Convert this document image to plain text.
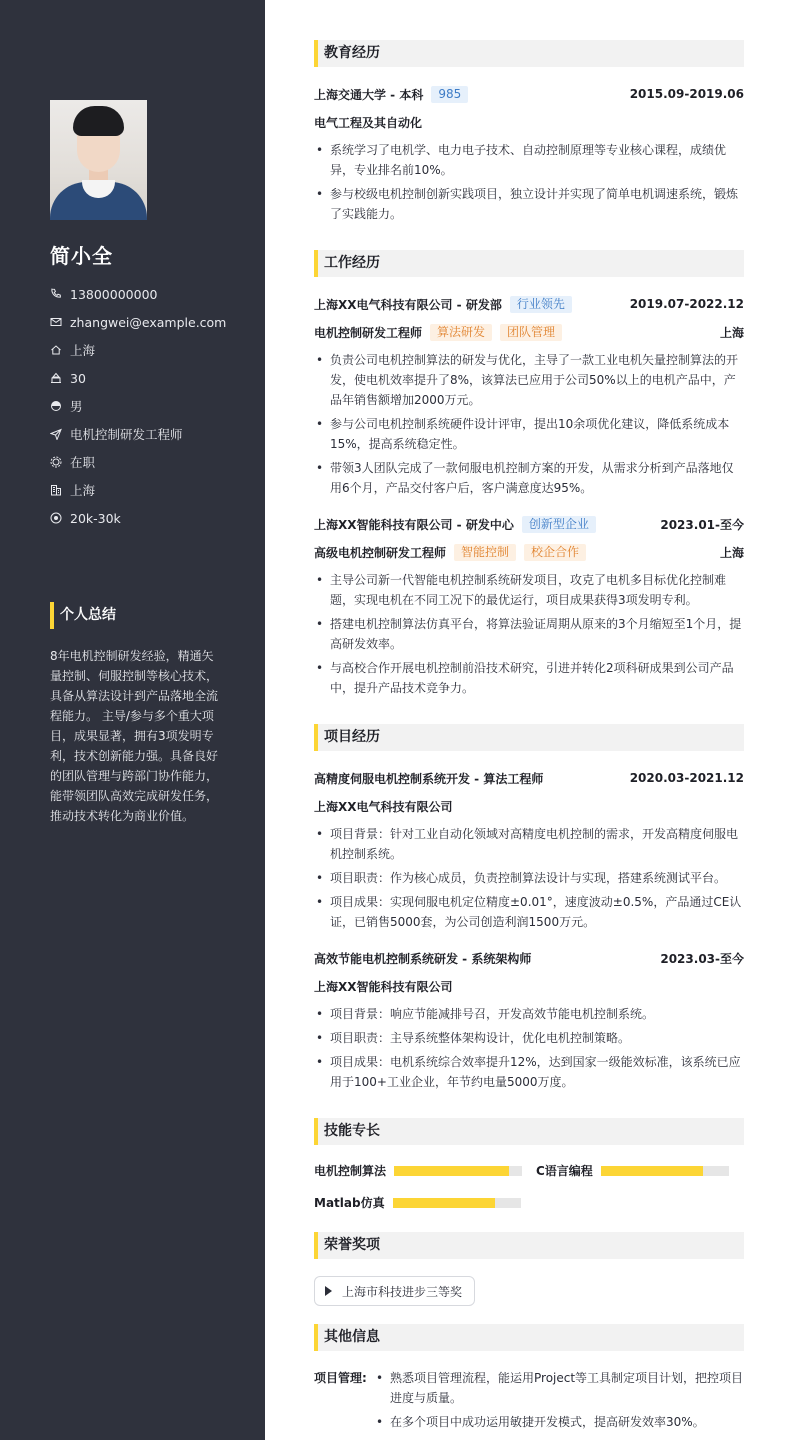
简小全
13800000000
zhangwei@example.com
上海
30
男
电机控制研发工程师
在职
上海
20k-30k
个人总结
8年电机控制研发经验，精通矢量控制、伺服控制等核心技术，具备从算法设计到产品落地全流程能力。 主导/参与多个重大项目，成果显著，拥有3项发明专利，技术创新能力强。具备良好的团队管理与跨部门协作能力，能带领团队高效完成研发任务，推动技术转化为商业价值。
教育经历
上海交通大学 - 本科	985	2015.09-2019.06
电气工程及其自动化
• 系统学习了电机学、电力电子技术、自动控制原理等专业核心课程，成绩优异，专业排名前10%。
• 参与校级电机控制创新实践项目，独立设计并实现了简单电机调速系统，锻炼了实践能力。
工作经历
上海XX电气科技有限公司 - 研发部	行业领先	2019.07-2022.12
电机控制研发工程师	算法研发	团队管理	上海
• 负责公司电机控制算法的研发与优化，主导了一款工业电机矢量控制算法的开发，使电机效率提升了8%，该算法已应用于公司50%以上的电机产品中，产品年销售额增加2000万元。
• 参与公司电机控制系统硬件设计评审，提出10余项优化建议，降低系统成本15%，提高系统稳定性。
• 带领3人团队完成了一款伺服电机控制方案的开发，从需求分析到产品落地仅用6个月，产品交付客户后，客户满意度达95%。
上海XX智能科技有限公司 - 研发中心	创新型企业	2023.01-至今
高级电机控制研发工程师	智能控制	校企合作	上海
• 主导公司新一代智能电机控制系统研发项目，攻克了电机多目标优化控制难题，实现电机在不同工况下的最优运行，项目成果获得3项发明专利。
• 搭建电机控制算法仿真平台，将算法验证周期从原来的3个月缩短至1个月，提高研发效率。
• 与高校合作开展电机控制前沿技术研究，引进并转化2项科研成果到公司产品中，提升产品技术竞争力。
项目经历
高精度伺服电机控制系统开发 - 算法工程师	2020.03-2021.12
上海XX电气科技有限公司
• 项目背景：针对工业自动化领域对高精度电机控制的需求，开发高精度伺服电机控制系统。
• 项目职责：作为核心成员，负责控制算法设计与实现，搭建系统测试平台。
• 项目成果：实现伺服电机定位精度±0.01°，速度波动±0.5%，产品通过CE认证，已销售5000套，为公司创造利润1500万元。
高效节能电机控制系统研发 - 系统架构师	2023.03-至今
上海XX智能科技有限公司
• 项目背景：响应节能减排号召，开发高效节能电机控制系统。
• 项目职责：主导系统整体架构设计，优化电机控制策略。
• 项目成果：电机系统综合效率提升12%，达到国家一级能效标准，该系统已应用于100+工业企业，年节约电量5000万度。
技能专长
电机控制算法	C语言编程
Matlab仿真
荣誉奖项
上海市科技进步三等奖
其他信息
项目管理:
•	熟悉项目管理流程，能运用Project等工具制定项目计划，把控项目进度与质量。
• 在多个项目中成功运用敏捷开发模式，提高研发效率30%。
